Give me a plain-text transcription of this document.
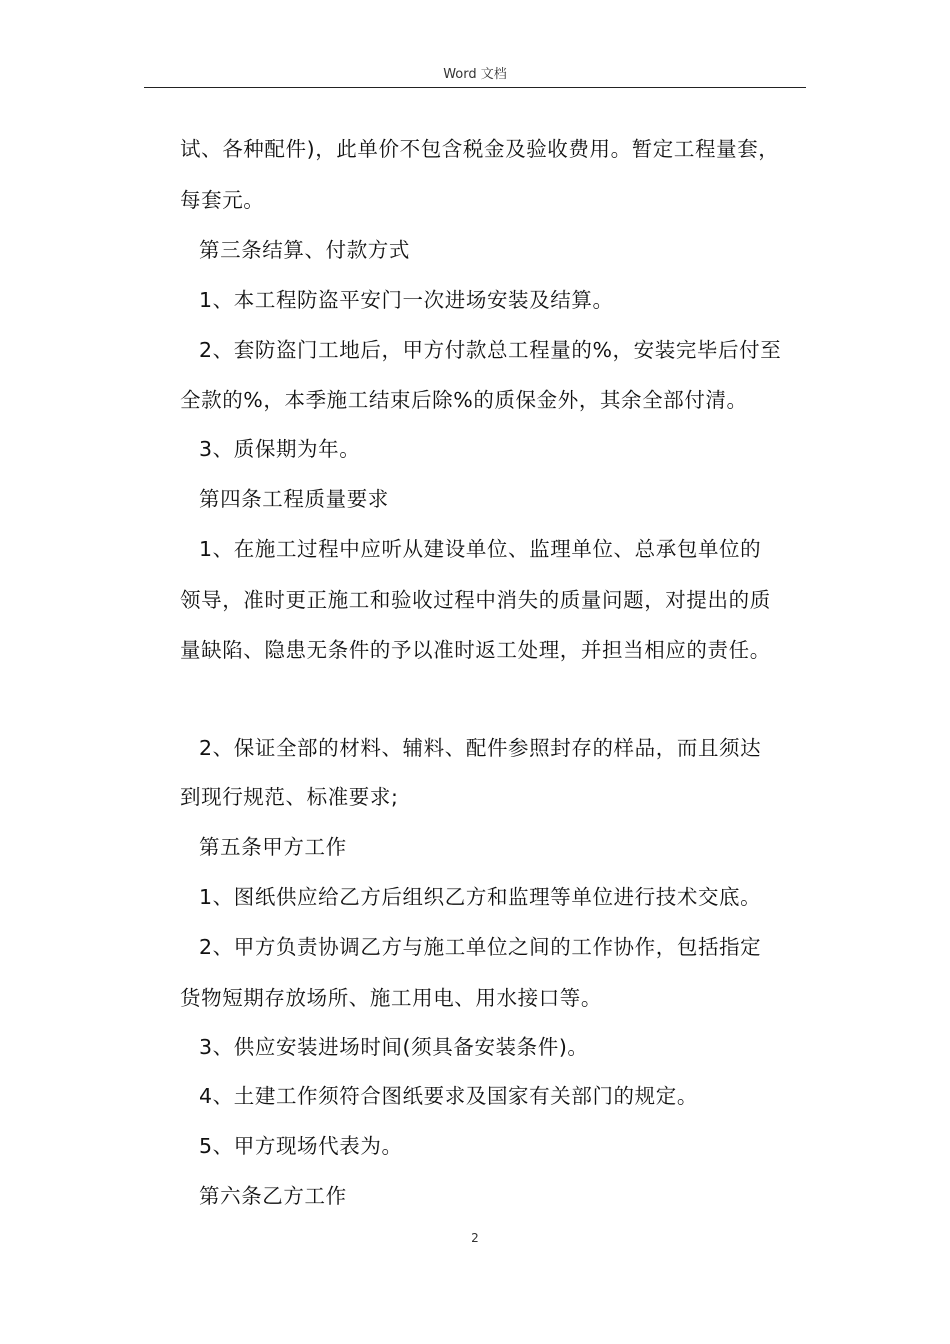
Word 文档
试、各种配件)，此单价不包含税金及验收费用。暂定工程量套，
每套元。
第三条结算、付款方式
1、本工程防盗平安门一次进场安装及结算。
2、套防盗门工地后，甲方付款总工程量的%，安装完毕后付至
全款的%，本季施工结束后除%的质保金外，其余全部付清。
3、质保期为年。
第四条工程质量要求
1、在施工过程中应听从建设单位、监理单位、总承包单位的
领导，准时更正施工和验收过程中消失的质量问题，对提出的质
量缺陷、隐患无条件的予以准时返工处理，并担当相应的责任。
2、保证全部的材料、辅料、配件参照封存的样品，而且须达
到现行规范、标准要求;
第五条甲方工作
1、图纸供应给乙方后组织乙方和监理等单位进行技术交底。
2、甲方负责协调乙方与施工单位之间的工作协作，包括指定
货物短期存放场所、施工用电、用水接口等。
3、供应安装进场时间(须具备安装条件)。
4、土建工作须符合图纸要求及国家有关部门的规定。
5、甲方现场代表为。
第六条乙方工作
2
